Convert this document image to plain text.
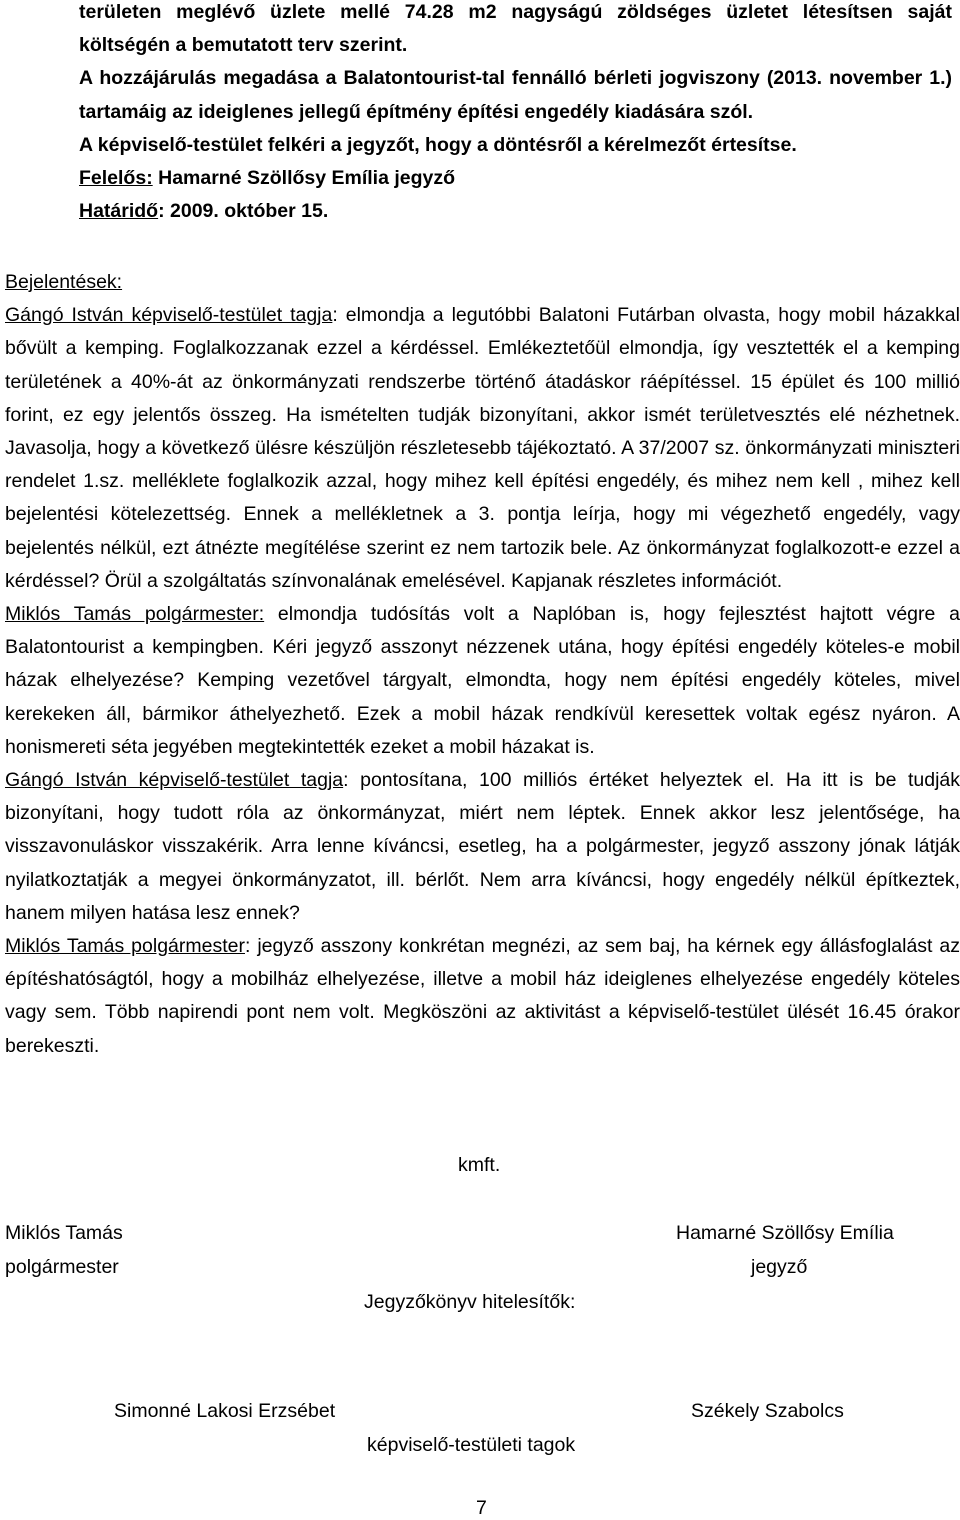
területen meglévő üzlete mellé 74.28 m2 nagyságú zöldséges üzletet létesítsen saját költségén a bemutatott terv szerint.

A hozzájárulás megadása a Balatontourist-tal fennálló bérleti jogviszony (2013. november 1.) tartamáig az ideiglenes jellegű építmény építési engedély kiadására szól.

A képviselő-testület felkéri a jegyzőt, hogy a döntésről a kérelmezőt értesítse.

Felelős: Hamarné Szöllősy Emília jegyző

Határidő: 2009. október 15.

Bejelentések:

Gángó István képviselő-testület tagja: elmondja a legutóbbi Balatoni Futárban olvasta, hogy mobil házakkal bővült a kemping. Foglalkozzanak ezzel a kérdéssel. Emlékeztetőül elmondja, így vesztették el a kemping területének a 40%-át az önkormányzati rendszerbe történő átadáskor ráépítéssel. 15 épület és 100 millió forint, ez egy jelentős összeg. Ha ismételten tudják bizonyítani, akkor ismét területvesztés elé nézhetnek. Javasolja, hogy a következő ülésre készüljön részletesebb tájékoztató. A 37/2007 sz. önkormányzati miniszteri rendelet 1.sz. melléklete foglalkozik azzal, hogy mihez kell építési engedély, és mihez nem kell , mihez kell bejelentési kötelezettség. Ennek a mellékletnek a 3. pontja leírja, hogy mi végezhető engedély, vagy bejelentés nélkül, ezt átnézte megítélése szerint ez nem tartozik bele. Az önkormányzat foglalkozott-e ezzel a kérdéssel? Örül a szolgáltatás színvonalának emelésével. Kapjanak részletes információt.

Miklós Tamás polgármester: elmondja tudósítás volt a Naplóban is, hogy fejlesztést hajtott végre a Balatontourist a kempingben. Kéri jegyző asszonyt nézzenek utána, hogy építési engedély köteles-e mobil házak elhelyezése? Kemping vezetővel tárgyalt, elmondta, hogy nem építési engedély köteles, mivel kerekeken áll, bármikor áthelyezhető. Ezek a mobil házak rendkívül keresettek voltak egész nyáron. A honismereti séta jegyében megtekintették ezeket a mobil házakat is.

Gángó István képviselő-testület tagja: pontosítana, 100 milliós értéket helyeztek el. Ha itt is be tudják bizonyítani, hogy tudott róla az önkormányzat, miért nem léptek. Ennek akkor lesz jelentősége, ha visszavonuláskor visszakérik. Arra lenne kíváncsi, esetleg, ha a polgármester, jegyző asszony jónak látják nyilatkoztatják a megyei önkormányzatot, ill. bérlőt. Nem arra kíváncsi, hogy engedély nélkül építkeztek, hanem milyen hatása lesz ennek?

Miklós Tamás polgármester: jegyző asszony konkrétan megnézi, az sem baj, ha kérnek egy állásfoglalást az építéshatóságtól, hogy a mobilház elhelyezése, illetve a mobil ház ideiglenes elhelyezése engedély köteles vagy sem. Több napirendi pont nem volt. Megköszöni az aktivitást a képviselő-testület ülését 16.45 órakor berekeszti.

kmft.
Miklós Tamás
polgármester
Hamarné Szöllősy Emília
jegyző
Jegyzőkönyv hitelesítők:
Simonné Lakosi Erzsébet	Székely Szabolcs
képviselő-testületi tagok
7
